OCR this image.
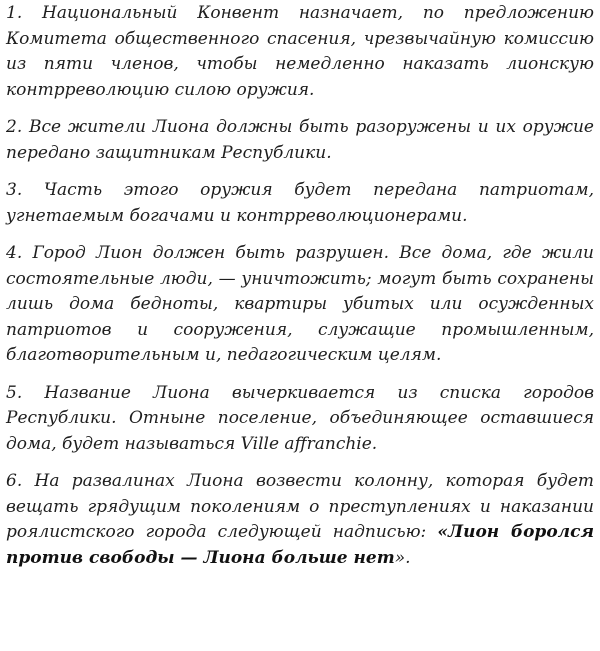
1. Национальный Конвент назначает, по предложению Комитета общественного спасения, чрезвычайную комиссию из пяти членов, чтобы немедленно наказать лионскую контрреволюцию силою оружия.

2. Все жители Лиона должны быть разоружены и их оружие передано защитникам Республики.

3. Часть этого оружия будет передана патриотам, угнетаемым богачами и контрреволюционерами.

4. Город Лион должен быть разрушен. Все дома, где жили состоятельные люди, — уничтожить; могут быть сохранены лишь дома бедноты, квартиры убитых или осужденных патриотов и сооружения, служащие промышленным, благотворительным и, педагогическим целям.

5. Название Лиона вычеркивается из списка городов Республики. Отныне поселение, объединяющее оставшиеся дома, будет называться Ville affranchie.

6. На развалинах Лиона возвести колонну, которая будет вещать грядущим поколениям о преступлениях и наказании роялистского города следующей надписью: «Лион боролся против свободы — Лиона больше нет».
